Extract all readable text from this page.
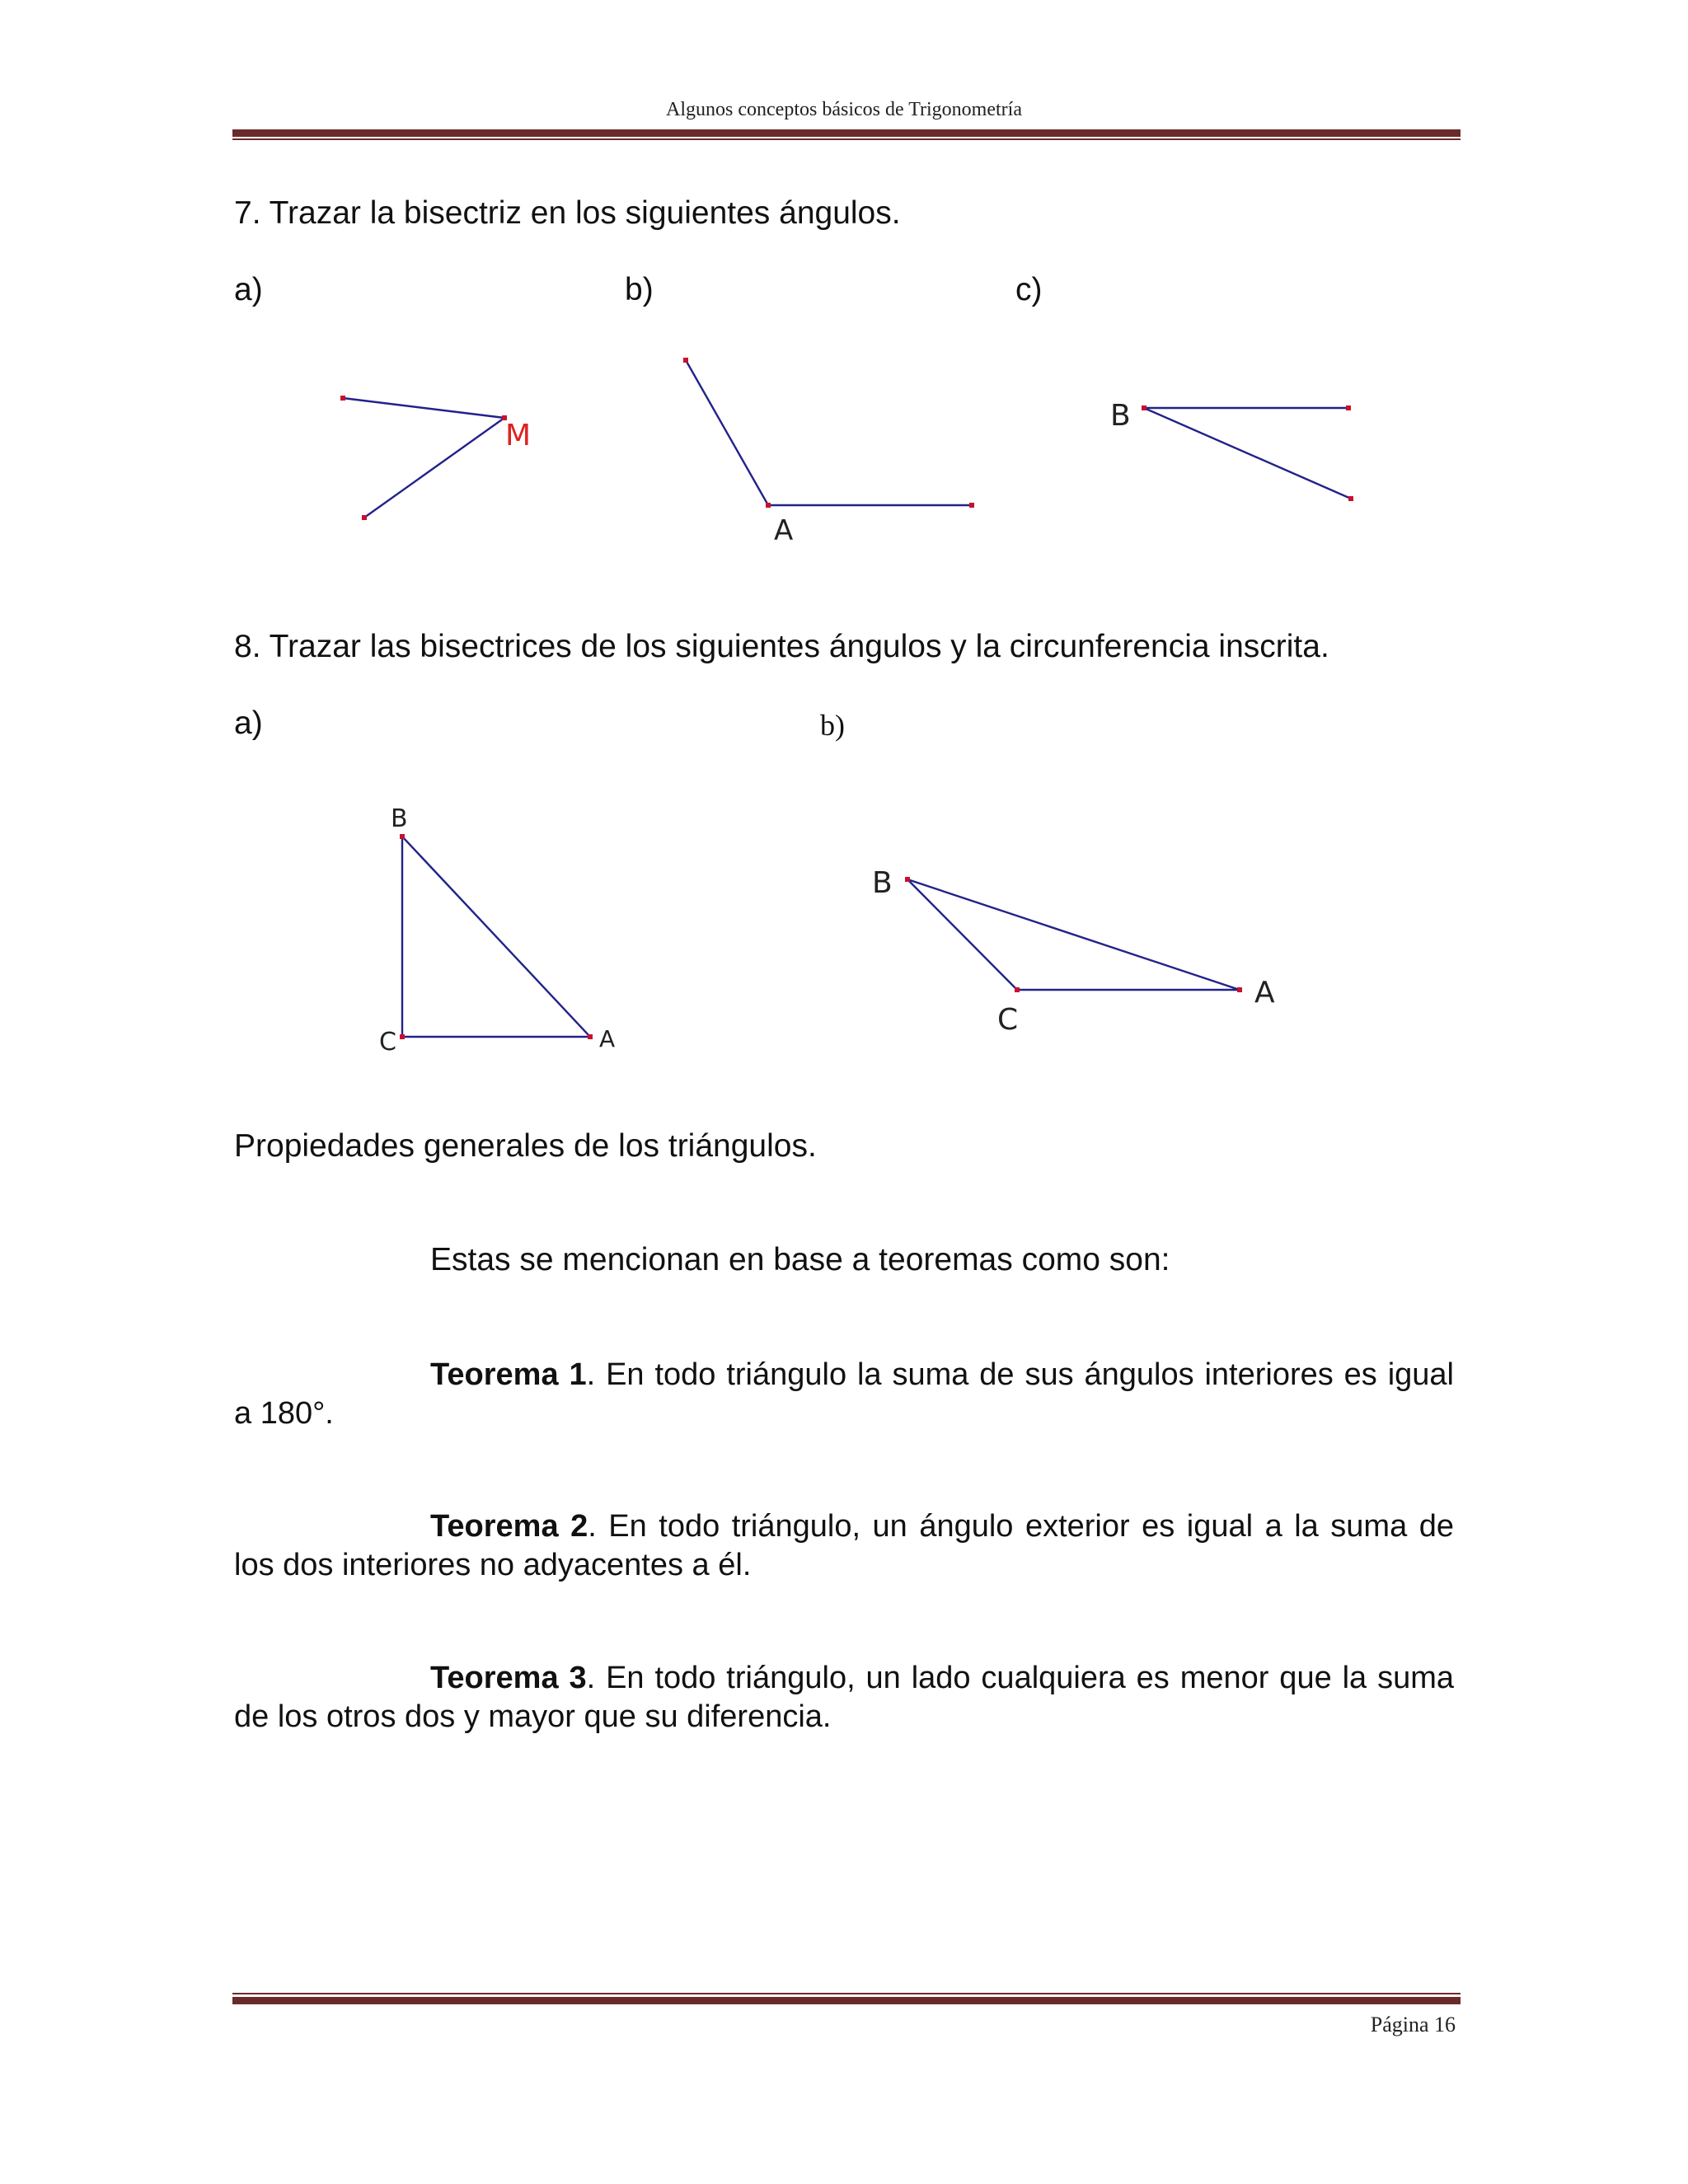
Algunos conceptos básicos de Trigonometría
7. Trazar la bisectriz en los siguientes ángulos.
a)	b)	c)
8. Trazar las bisectrices de los siguientes ángulos y la circunferencia inscrita.
a)	b)
M
A
B
B
C	A
B
C
A
Propiedades generales de los triángulos.
Estas se mencionan en base a teoremas como son:
Teorema 1. En todo triángulo la suma de sus ángulos interiores es igual a 180°.
Teorema 2. En todo triángulo, un ángulo exterior es igual a la suma de los dos interiores no adyacentes a él.
Teorema 3. En todo triángulo, un lado cualquiera es menor que la suma de los otros dos y mayor que su diferencia.
Página 16
